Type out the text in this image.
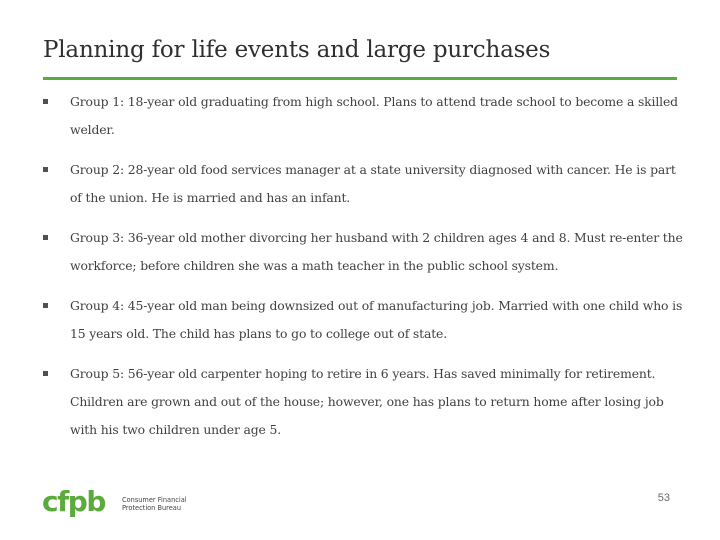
Planning for life events and large purchases
Group 1: 18-year old graduating from high school. Plans to attend trade school to become a skilled welder.
Group 2: 28-year old food services manager at a state university diagnosed with cancer. He is part of the union. He is married and has an infant.
Group 3: 36-year old mother divorcing her husband with 2 children ages 4 and 8. Must re-enter the workforce; before children she was a math teacher in the public school system.
Group 4: 45-year old man being downsized out of manufacturing job. Married with one child who is 15 years old. The child has plans to go to college out of state.
Group 5: 56-year old carpenter hoping to retire in 6 years. Has saved minimally for retirement. Children are grown and out of the house; however, one has plans to return home after losing job with his two children under age 5.
cfpb	Consumer Financial
Protection Bureau
53
